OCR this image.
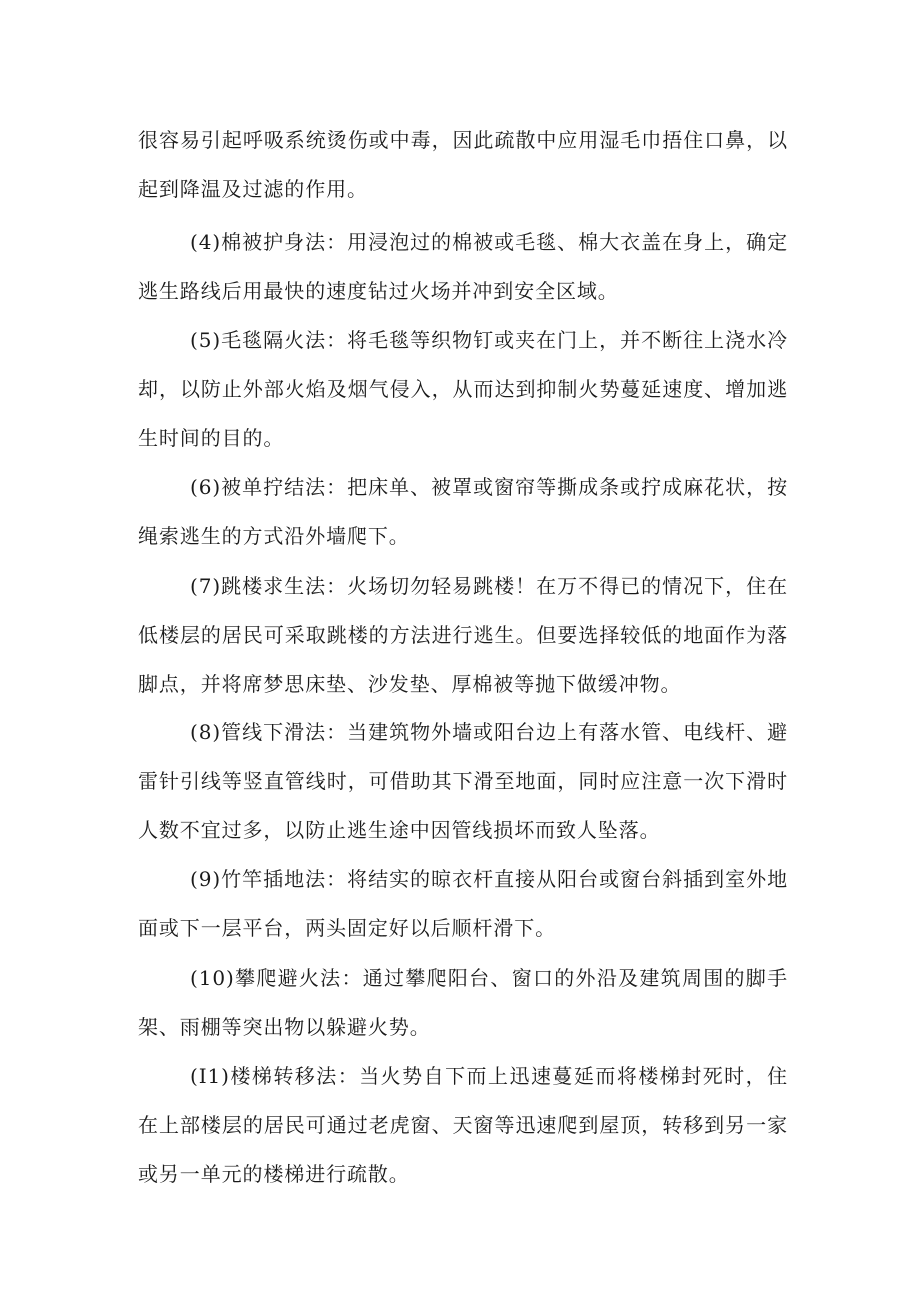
很容易引起呼吸系统烫伤或中毒，因此疏散中应用湿毛巾捂住口鼻，以起到降温及过滤的作用。

(4)棉被护身法：用浸泡过的棉被或毛毯、棉大衣盖在身上，确定逃生路线后用最快的速度钻过火场并冲到安全区域。

(5)毛毯隔火法：将毛毯等织物钉或夹在门上，并不断往上浇水冷却，以防止外部火焰及烟气侵入，从而达到抑制火势蔓延速度、增加逃生时间的目的。

(6)被单拧结法：把床单、被罩或窗帘等撕成条或拧成麻花状，按绳索逃生的方式沿外墙爬下。

(7)跳楼求生法：火场切勿轻易跳楼！在万不得已的情况下，住在低楼层的居民可采取跳楼的方法进行逃生。但要选择较低的地面作为落脚点，并将席梦思床垫、沙发垫、厚棉被等抛下做缓冲物。

(8)管线下滑法：当建筑物外墙或阳台边上有落水管、电线杆、避雷针引线等竖直管线时，可借助其下滑至地面，同时应注意一次下滑时人数不宜过多，以防止逃生途中因管线损坏而致人坠落。

(9)竹竿插地法：将结实的晾衣杆直接从阳台或窗台斜插到室外地面或下一层平台，两头固定好以后顺杆滑下。

(10)攀爬避火法：通过攀爬阳台、窗口的外沿及建筑周围的脚手架、雨棚等突出物以躲避火势。

(I1)楼梯转移法：当火势自下而上迅速蔓延而将楼梯封死时，住在上部楼层的居民可通过老虎窗、天窗等迅速爬到屋顶，转移到另一家或另一单元的楼梯进行疏散。
